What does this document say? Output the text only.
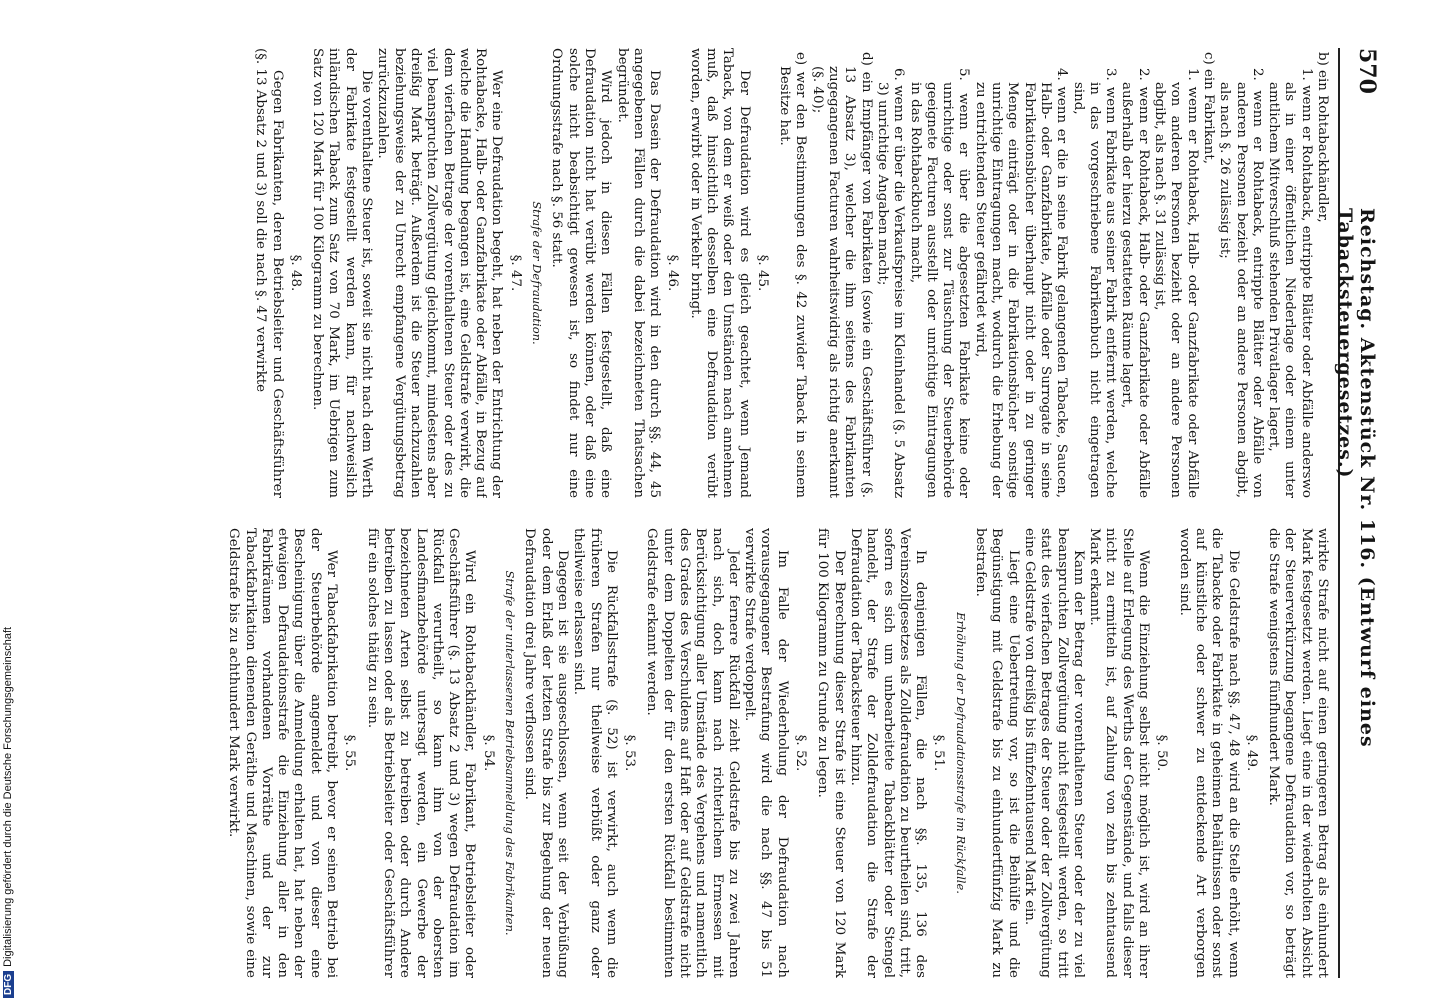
570
Reichstag. Aktenstück Nr. 116. (Entwurf eines Tabacksteuergesetzes.)

b) ein Rohtabackhändler,

1. wenn er Rohtaback, entrippte Blätter oder Abfälle anderswo als in einer öffentlichen Niederlage oder einem unter amtlichem Mitverschluß stehenden Privatlager lagert,

2. wenn er Rohtaback, entrippte Blätter oder Abfälle von anderen Personen bezieht oder an andere Personen abgibt, als nach §. 26 zulässig ist;

c) ein Fabrikant,

1. wenn er Rohtaback, Halb- oder Ganzfabrikate oder Abfälle von anderen Personen bezieht oder an andere Personen abgibt, als nach §. 31 zulässig ist,

2. wenn er Rohtaback, Halb- oder Ganzfabrikate oder Abfälle außerhalb der hierzu gestatteten Räume lagert,

3. wenn Fabrikate aus seiner Fabrik entfernt werden, welche in das vorgeschriebene Fabrikenbuch nicht eingetragen sind,

4. wenn er die in seine Fabrik gelangenden Tabacke, Saucen, Halb- oder Ganzfabrikate, Abfälle oder Surrogate in seine Fabrikationsbücher überhaupt nicht oder in zu geringer Menge einträgt oder in die Fabrikationsbücher sonstige unrichtige Eintragungen macht, wodurch die Erhebung der zu entrichtenden Steuer gefährdet wird,

5. wenn er über die abgesetzten Fabrikate keine oder unrichtige oder sonst zur Täuschung der Steuerbehörde geeignete Facturen ausstellt oder unrichtige Eintragungen in das Rohtabackbuch macht,

6. wenn er über die Verkaufspreise im Kleinhandel (§. 5 Absatz 3) unrichtige Angaben macht;

d) ein Empfänger von Fabrikaten (sowie ein Geschäftsführer (§. 13 Absatz 3), welcher die ihm seitens des Fabrikanten zugegangenen Facturen wahrheitswidrig als richtig anerkannt (§. 40);

e) wer den Bestimmungen des §. 42 zuwider Taback in seinem Besitze hat.

§. 45.

Der Defraudation wird es gleich geachtet, wenn Jemand Taback, von dem er weiß oder den Umständen nach annehmen muß, daß hinsichtlich desselben eine Defraudation verübt worden, erwirbt oder in Verkehr bringt.

§. 46.

Das Dasein der Defraudation wird in den durch §§. 44, 45 angegebenen Fällen durch die dabei bezeichneten Thatsachen begründet.

Wird jedoch in diesen Fällen festgestellt, daß eine Defraudation nicht hat verübt werden können, oder daß eine solche nicht beabsichtigt gewesen ist, so findet nur eine Ordnungsstrafe nach §. 56 statt.

Strafe der Defraudation.

§. 47.

Wer eine Defraudation begeht, hat neben der Entrichtung der Rohtabacke, Halb- oder Ganzfabrikate oder Abfälle, in Bezug auf welche die Handlung begangen ist, eine Geldstrafe verwirkt, die dem vierfachen Betrage der vorenthaltenen Steuer oder des zu viel beanspruchten Zollvergütung gleichkommt, mindestens aber dreißig Mark beträgt. Außerdem ist die Steuer nachzuzahlen beziehungsweise der zu Unrecht empfangene Vergütungsbetrag zurückzuzahlen.

Die vorenthaltene Steuer ist, soweit sie nicht nach dem Werth der Fabrikate festgestellt werden kann, für nachweislich inländischen Taback zum Satz von 70 Mark, im Uebrigen zum Satz von 120 Mark für 100 Kilogramm zu berechnen.

§. 48.

Gegen Fabrikanten, deren Betriebsleiter und Geschäftsführer (§. 13 Absatz 2 und 3) soll die nach §. 47 verwirkte

wirkte Strafe nicht auf einen geringeren Betrag als einhundert Mark festgesetzt werden. Liegt eine in der wiederholten Absicht der Steuerverkürzung begangene Defraudation vor, so beträgt die Strafe wenigstens fünfhundert Mark.

§. 49.

Die Geldstrafe nach §§. 47, 48 wird an die Stelle erhöht, wenn die Tabacke oder Fabrikate in geheimen Behältnissen oder sonst auf künstliche oder schwer zu entdeckende Art verborgen worden sind.

§. 50.

Wenn die Einziehung selbst nicht möglich ist, wird an ihrer Stelle auf Erlegung des Werths der Gegenstände, und falls dieser nicht zu ermitteln ist, auf Zahlung von zehn bis zehntausend Mark erkannt.

Kann der Betrag der vorenthaltenen Steuer oder der zu viel beanspruchten Zollvergütung nicht festgestellt werden, so tritt statt des vierfachen Betrages der Steuer oder der Zollvergütung eine Geldstrafe von dreißig bis fünfzehntausend Mark ein.

Liegt eine Uebertretung vor, so ist die Beihülfe und die Begünstigung mit Geldstrafe bis zu einhundertfünfzig Mark zu bestrafen.

Erhöhung der Defraudationsstrafe im Rückfalle.

§. 51.

In denjenigen Fällen, die nach §§. 135, 136 des Vereinszollgesetzes als Zolldefraudation zu beurtheilen sind, tritt, sofern es sich um unbearbeitete Tabackblätter oder Stengel handelt, der Strafe der Zolldefraudation die Strafe der Defraudation der Tabacksteuer hinzu.

Der Berechnung dieser Strafe ist eine Steuer von 120 Mark für 100 Kilogramm zu Grunde zu legen.

§. 52.

Im Falle der Wiederholung der Defraudation nach vorausgegangener Bestrafung wird die nach §§. 47 bis 51 verwirkte Strafe verdoppelt.

Jeder fernere Rückfall zieht Geldstrafe bis zu zwei Jahren nach sich, doch kann nach richterlichem Ermessen mit Berücksichtigung aller Umstände des Vergehens und namentlich des Grades des Verschuldens auf Haft oder auf Geldstrafe nicht unter dem Doppelten der für den ersten Rückfall bestimmten Geldstrafe erkannt werden.

§. 53.

Die Rückfallsstrafe (§. 52) ist verwirkt, auch wenn die früheren Strafen nur theilweise verbüßt oder ganz oder theilweise erlassen sind.

Dagegen ist sie ausgeschlossen, wenn seit der Verbüßung oder dem Erlaß der letzten Strafe bis zur Begehung der neuen Defraudation drei Jahre verflossen sind.

Strafe der unterlassenen Betriebsanmeldung des Fabrikanten.

§. 54.

Wird ein Rohtabackhändler, Fabrikant, Betriebsleiter oder Geschäftsführer (§. 13 Absatz 2 und 3) wegen Defraudation im Rückfall verurtheilt, so kann ihm von der obersten Landesfinanzbehörde untersagt werden, ein Gewerbe der bezeichneten Arten selbst zu betreiben oder durch Andere betreiben zu lassen oder als Betriebsleiter oder Geschäftsführer für ein solches thätig zu sein.

§. 55.

Wer Tabackfabrikation betreibt, bevor er seinen Betrieb bei der Steuerbehörde angemeldet und von dieser eine Bescheinigung über die Anmeldung erhalten hat, hat neben der etwaigen Defraudationsstrafe die Einziehung aller in den Fabrikräumen vorhandenen Vorräthe und der zur Tabackfabrikation dienenden Geräthe und Maschinen, sowie eine Geldstrafe bis zu achthundert Mark verwirkt.

DFGDigitalisierung gefördert durch die Deutsche Forschungsgemeinschaft
